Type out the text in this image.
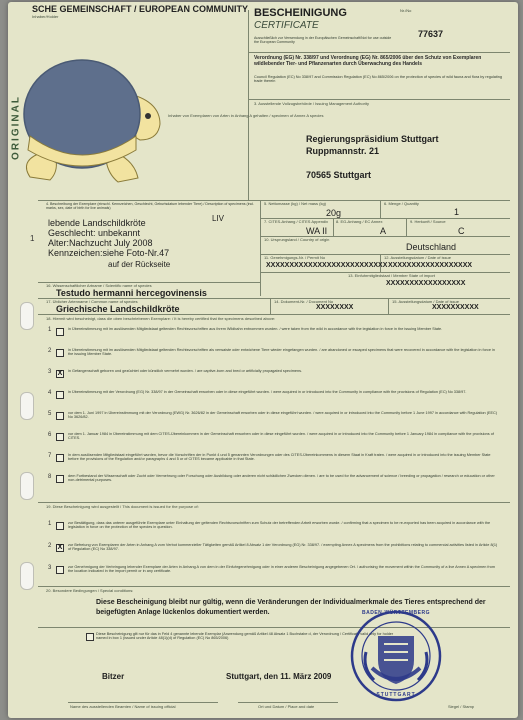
SCHE GEMEINSCHAFT / EUROPEAN COMMUNITY
Inhaber/Holder	BESCHEINIGUNG
CERTIFICATE
Nr./No
77637
Ausschließlich zur Verwendung in der Europäischen Gemeinschaft/Not for use outside the European Community
Verordnung (EG) Nr. 338/97 und Verordnung (EG) Nr. 865/2006 über den Schutz von Exemplaren wildlebender Tier- und Pflanzenarten durch Überwachung des Handels
Council Regulation (EC) No 338/97 and Commission Regulation (EC) No 865/2006 on the protection of species of wild fauna and flora by regulating trade therein
ORIGINAL
1
Inhaber von Exemplaren von Arten in Anhang A gehalten / specimen of Annex A species
3. Ausstellende Vollzugsbehörde / Issuing Management Authority
Regierungspräsidium Stuttgart
Ruppmannstr. 21
70565 Stuttgart
4. Beschreibung der Exemplare (einschl. Kennzeichen, Geschlecht, Geburtsdatum lebender Tiere) / Description of specimens (incl. marks, sex, date of birth for live animals)
lebende Landschildkröte
Geschlecht: unbekannt
Alter:Nachzucht July 2008
Kennzeichen:siehe Foto-Nr.47
auf der Rückseite
LIV
5. Nettomasse (kg) / Net mass (kg)
20g
6. Menge / Quantity
1
7. CITES-Anhang / CITES Appendix
WA II
8. EG-Anhang / EC Annex
A
9. Herkunft / Source
C
10. Ursprungsland / Country of origin
Deutschland
11. Genehmigungs-Nr. / Permit No
XXXXXXXXXXXXXXXXXXXXXXXXXX
12. Ausstellungsdatum / Date of issue
XXXXXXXXXXXXXXXXXX
13. Einfuhrmitgliedstaat / Member State of import
XXXXXXXXXXXXXXXXX
14. Dokument-Nr. / Document No
XXXXXXXX
15. Ausstellungsdatum / Date of issue
XXXXXXXXXX
16. Wissenschaftlicher Artname / Scientific name of species
Testudo hermanni hercegovinensis
17. Üblicher Artenname / Common name of species
Griechische Landschildkröte
18. Hiermit wird bescheinigt, dass die oben beschriebenen Exemplare: / It is hereby certified that the specimens described above:
1	in Übereinstimmung mit im auslösenden Mitgliedstaat geltenden Rechtsvorschriften aus ihrem Wildbahn entnommen wurden. / were taken from the wild in accordance with the legislation in force in the issuing Member State.
2	in Übereinstimmung mit im auslösenden Mitgliedstaat geltenden Rechtsvorschriften als verwaiste oder entwichene Tiere wieder eingefangen wurden. / are abandoned or escaped specimens that were recovered in accordance with the legislation in force in the issuing Member State.
3 X	in Gefangenschaft geboren und gezüchtet oder künstlich vermehrt wurden. / are captive-born and bred or artificially propagated specimens.
4	in Übereinstimmung mit der Verordnung (EG) Nr. 338/97 in der Gemeinschaft erworben oder in diese eingeführt wurden. / were acquired in or introduced into the Community in compliance with the provisions of Regulation (EC) No 338/97.
5	vor dem 1. Juni 1997 in Übereinstimmung mit der Verordnung (EWG) Nr. 3626/82 in der Gemeinschaft erworben oder in diese eingeführt wurden. / were acquired in or introduced into the Community before 1 June 1997 in accordance with Regulation (EEC) No 3626/82.
6	vor dem 1. Januar 1984 in Übereinstimmung mit dem CITES-Übereinkommen in der Gemeinschaft erworben oder in diese eingeführt wurden. / were acquired in or introduced into the Community before 1 January 1984 in compliance with the provisions of CITES.
7	In dem auslösenden Mitgliedstaat eingeführt wurden, bevor die Vorschriften der in Punkt 4 und 5 genannten Verordnungen oder des CITES-Übereinkommens in diesem Staat in Kraft traten. / were acquired in or introduced into the issuing Member State before the provisions of the Regulation and/or paragraphs 4 and 5 or of CITES became applicable in that State.
8	dem Fortbestand der Wissenschaft oder Zucht oder Vermehrung oder Forschung oder Ausbildung oder anderen nicht schädlichen Zwecken dienen. / are to be used for the advancement of science / breeding or propagation / research or education or other non-detrimental purposes.
19. Diese Bescheinigung wird ausgestellt / This document is issued for the purpose of:
1	zur Bestätigung, dass das unterer ausgeführte Exemplare unter Einhaltung der geltenden Rechtsvorschriften zum Schutz der betreffenden Arbeit erworben wurde. / confirming that a specimen to be re-exported has been acquired in accordance with the legislation in force on the protection of the species in question.
2 X	zur Befreiung von Exemplaren der Arten in Anhang A vom Verbot kommerzieller Tätigkeiten gemäß Artikel 8 Absatz 1 der Verordnung (EG) Nr. 338/97. / exempting Annex A specimens from the prohibitions relating to commercial activities listed in Article 8(1) of Regulation (EC) No 338/97.
3	zur Genehmigung der Verbringung lebender Exemplare der Arten in Anhang A von dem in der Einfuhrgenehmigung oder in einer anderen Bescheinigung angegebenen Ort. / authorising the movement within the Community of a live Annex A specimen from the location indicated in the import permit or in any certificate.
20. Besondere Bedingungen / Special conditions:
Diese Bescheinigung bleibt nur gültig, wenn die Veränderungen der Individualmerkmale des Tieres entsprechend der
beigefügten Anlage lückenlos dokumentiert werden.
Diese Bescheinigung gilt nur für das in Feld 4 genannte lebende Exemplar (Anwendung gemäß Artikel 48 Absatz 1 Buchstabe d, der Verordnung / Certificate valid only for holder named in box 1 (issued under Article 48(1)(d) of Regulation (EC) No 865/2006)
Bitzer	Stuttgart, den 11. März 2009
Name des ausstellenden Beamten / Name of issuing official	Ort und Datum / Place and date
BADEN-WÜRTTEMBERG
STUTTGART
Siegel / Stamp
